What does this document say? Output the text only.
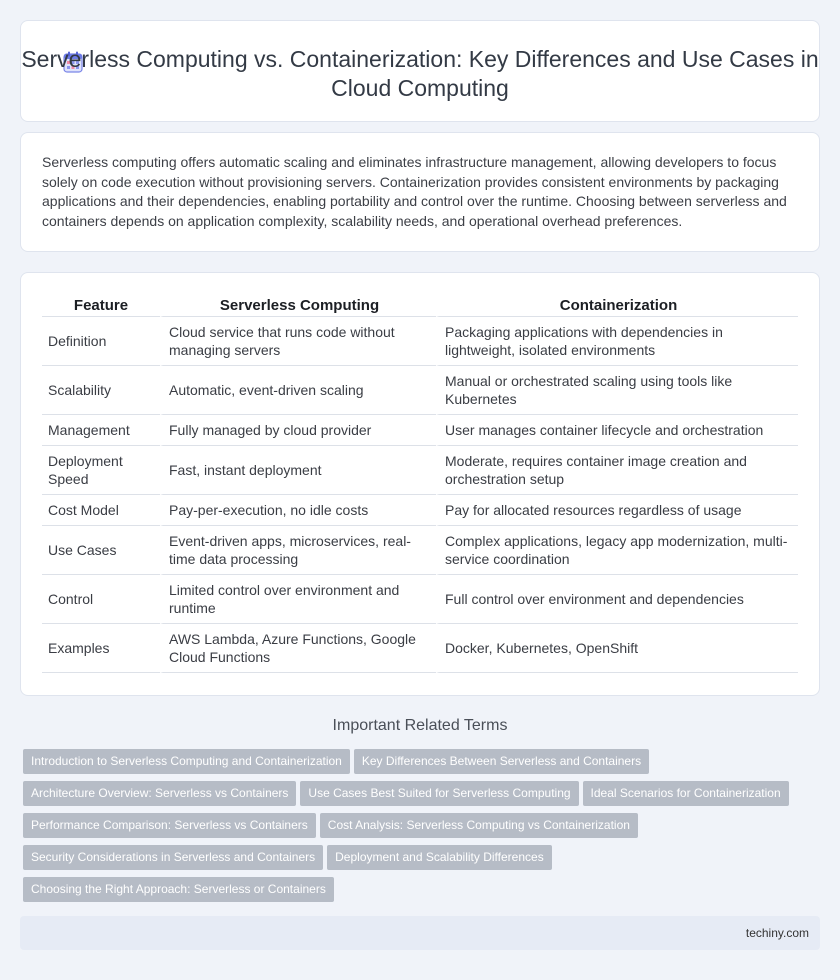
Serverless Computing vs. Containerization: Key Differences and Use Cases in Cloud Computing

Serverless computing offers automatic scaling and eliminates infrastructure management, allowing developers to focus solely on code execution without provisioning servers. Containerization provides consistent environments by packaging applications and their dependencies, enabling portability and control over the runtime. Choosing between serverless and containers depends on application complexity, scalability needs, and operational overhead preferences.

Feature	Serverless Computing	Containerization
Definition	Cloud service that runs code without managing servers	Packaging applications with dependencies in lightweight, isolated environments
Scalability	Automatic, event-driven scaling	Manual or orchestrated scaling using tools like Kubernetes
Management	Fully managed by cloud provider	User manages container lifecycle and orchestration
Deployment Speed	Fast, instant deployment	Moderate, requires container image creation and orchestration setup
Cost Model	Pay-per-execution, no idle costs	Pay for allocated resources regardless of usage
Use Cases	Event-driven apps, microservices, real-time data processing	Complex applications, legacy app modernization, multi-service coordination
Control	Limited control over environment and runtime	Full control over environment and dependencies
Examples	AWS Lambda, Azure Functions, Google Cloud Functions	Docker, Kubernetes, OpenShift
Important Related Terms
Introduction to Serverless Computing and Containerization Key Differences Between Serverless and Containers
Architecture Overview: Serverless vs Containers Use Cases Best Suited for Serverless Computing Ideal Scenarios for Containerization
Performance Comparison: Serverless vs Containers Cost Analysis: Serverless Computing vs Containerization
Security Considerations in Serverless and Containers Deployment and Scalability Differences
Choosing the Right Approach: Serverless or Containers
techiny.com
